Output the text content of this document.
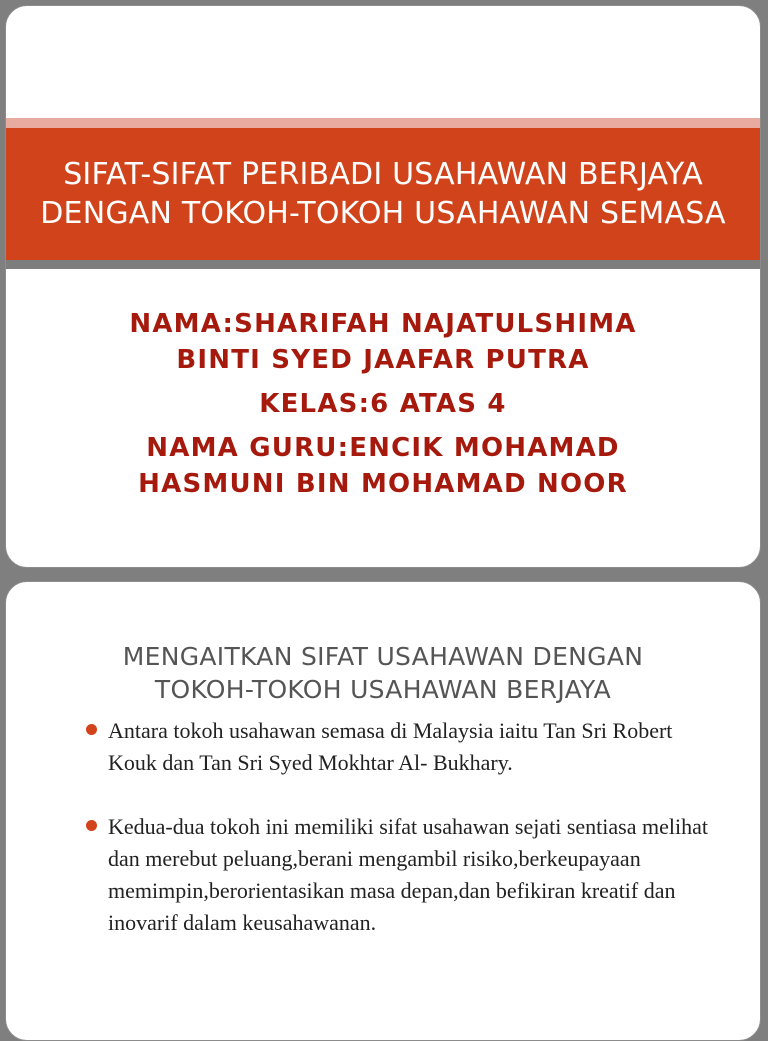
SIFAT-SIFAT PERIBADI USAHAWAN BERJAYA DENGAN TOKOH-TOKOH USAHAWAN SEMASA
NAMA:SHARIFAH NAJATULSHIMA
BINTI SYED JAAFAR PUTRA
KELAS:6 ATAS 4
NAMA GURU:ENCIK MOHAMAD
HASMUNI BIN MOHAMAD NOOR
MENGAITKAN SIFAT USAHAWAN DENGAN
TOKOH-TOKOH USAHAWAN BERJAYA
Antara tokoh usahawan semasa di Malaysia iaitu Tan Sri Robert Kouk dan Tan Sri Syed Mokhtar Al- Bukhary.
Kedua-dua tokoh ini memiliki sifat usahawan sejati sentiasa melihat dan merebut peluang,berani mengambil risiko,berkeupayaan memimpin,berorientasikan masa depan,dan befikiran kreatif dan inovarif dalam keusahawanan.
